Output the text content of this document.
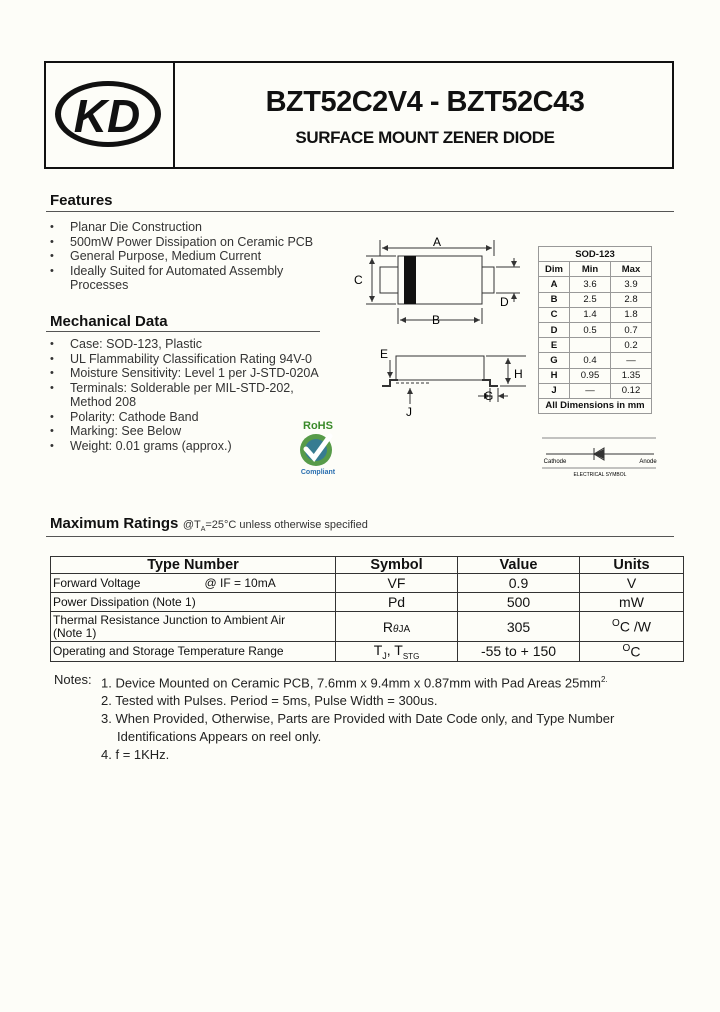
KD	BZT52C2V4 - BZT52C43
SURFACE MOUNT ZENER DIODE
Features
• Planar Die Construction
• 500mW Power Dissipation on Ceramic PCB
• General Purpose, Medium Current
• Ideally Suited for Automated Assembly Processes
Mechanical Data
• Case: SOD-123, Plastic
• UL Flammability Classification Rating 94V-0
• Moisture Sensitivity: Level 1 per J-STD-020A
• Terminals: Solderable per MIL-STD-202, Method 208
• Polarity: Cathode Band
• Marking: See Below
• Weight: 0.01 grams (approx.)
A
C
D
B
E
H
J
G
SOD-123		
Dim	Min	Max
A	3.6	3.9
B	2.5	2.8
C	1.4	1.8
D	0.5	0.7
E		0.2
G	0.4	—
H	0.95	1.35
J	—	0.12
All Dimensions in mm		
RoHS
Compliant
Cathode	Anode
ELECTRICAL SYMBOL
Maximum Ratings $@T_A=25^\circ C$ unless otherwise specified
Type Number	Symbol	Value	Units
Forward Voltage @ IF = 10mA	VF	0.9	V
Power Dissipation (Note 1)	Pd	500	mW

Thermal Resistance Junction to Ambient Air
(Note 1)	RθJA	305	$^O$C /W
Operating and Storage Temperature Range	$T_J$, $T_{STG}$	-55 to + 150	$^O$C
Notes: 1. Device Mounted on Ceramic PCB, 7.6mm x 9.4mm x 0.87mm with Pad Areas $25mm^{2.}$
2. Tested with Pulses. Period = 5ms, Pulse Width = 300us.
3. When Provided, Otherwise, Parts are Provided with Date Code only, and Type Number
Identifications Appears on reel only.
4. f = 1KHz.
